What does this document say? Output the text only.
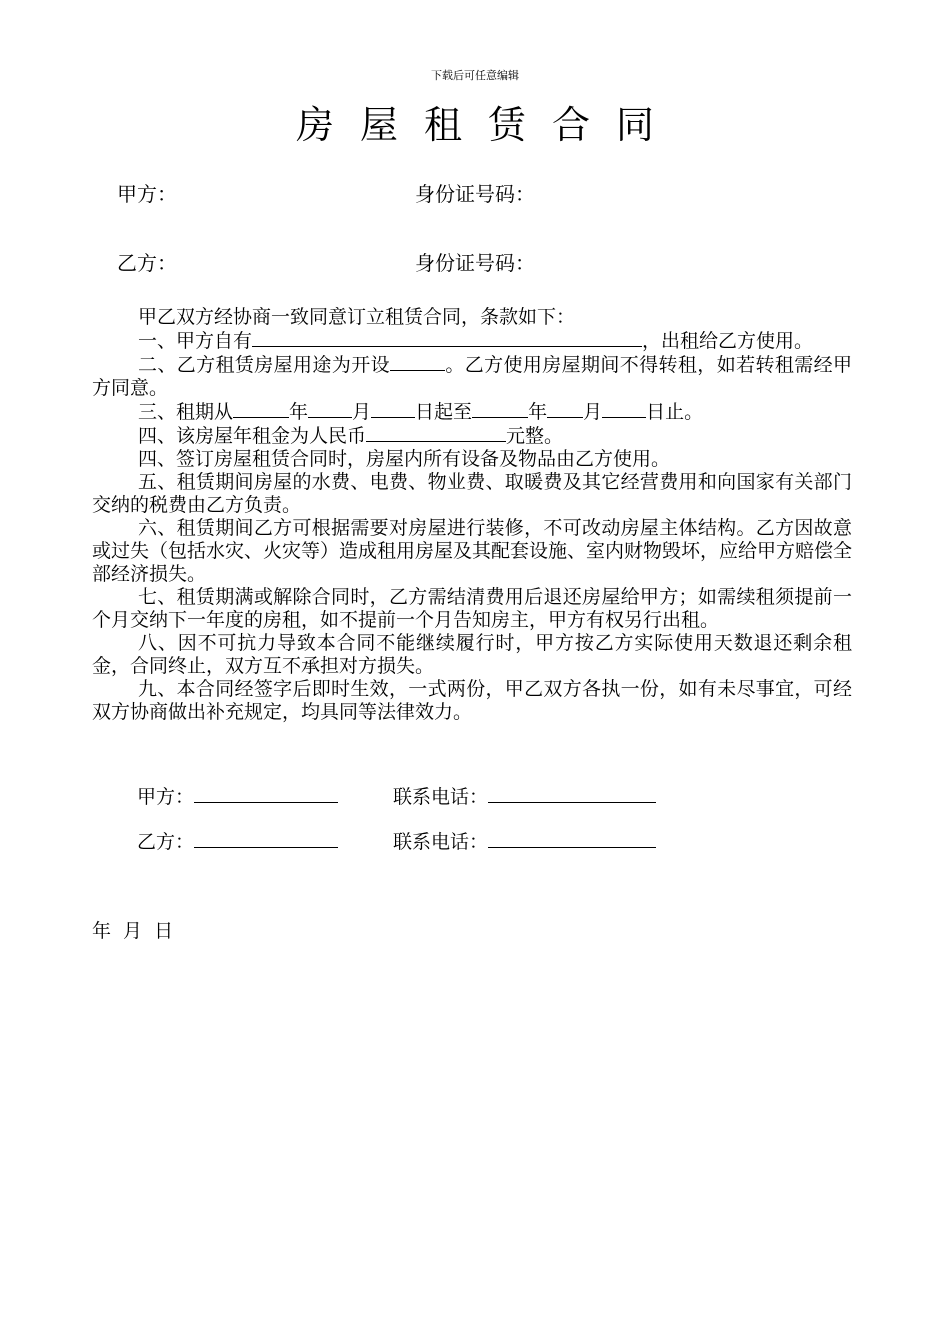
下载后可任意编辑
房屋租赁合同
甲方：	身份证号码：
乙方：	身份证号码：

甲乙双方经协商一致同意订立租赁合同，条款如下：

一、甲方自有	，出租给乙方使用。

二、乙方租赁房屋用途为开设	。乙方使用房屋期间不得转租，如若转租需经甲方同意。

三、租期从	年 月 日起至	年 月 日止。

四、该房屋年租金为人民币	元整。

四、签订房屋租赁合同时，房屋内所有设备及物品由乙方使用。

五、租赁期间房屋的水费、电费、物业费、取暖费及其它经营费用和向国家有关部门交纳的税费由乙方负责。

六、租赁期间乙方可根据需要对房屋进行装修，不可改动房屋主体结构。乙方因故意或过失（包括水灾、火灾等）造成租用房屋及其配套设施、室内财物毁坏，应给甲方赔偿全部经济损失。

七、租赁期满或解除合同时，乙方需结清费用后退还房屋给甲方；如需续租须提前一个月交纳下一年度的房租，如不提前一个月告知房主，甲方有权另行出租。

八、因不可抗力导致本合同不能继续履行时，甲方按乙方实际使用天数退还剩余租金，合同终止，双方互不承担对方损失。

九、本合同经签字后即时生效，一式两份，甲乙双方各执一份，如有未尽事宜，可经双方协商做出补充规定，均具同等法律效力。

甲方：	联系电话：
乙方：	联系电话：
年 月 日
